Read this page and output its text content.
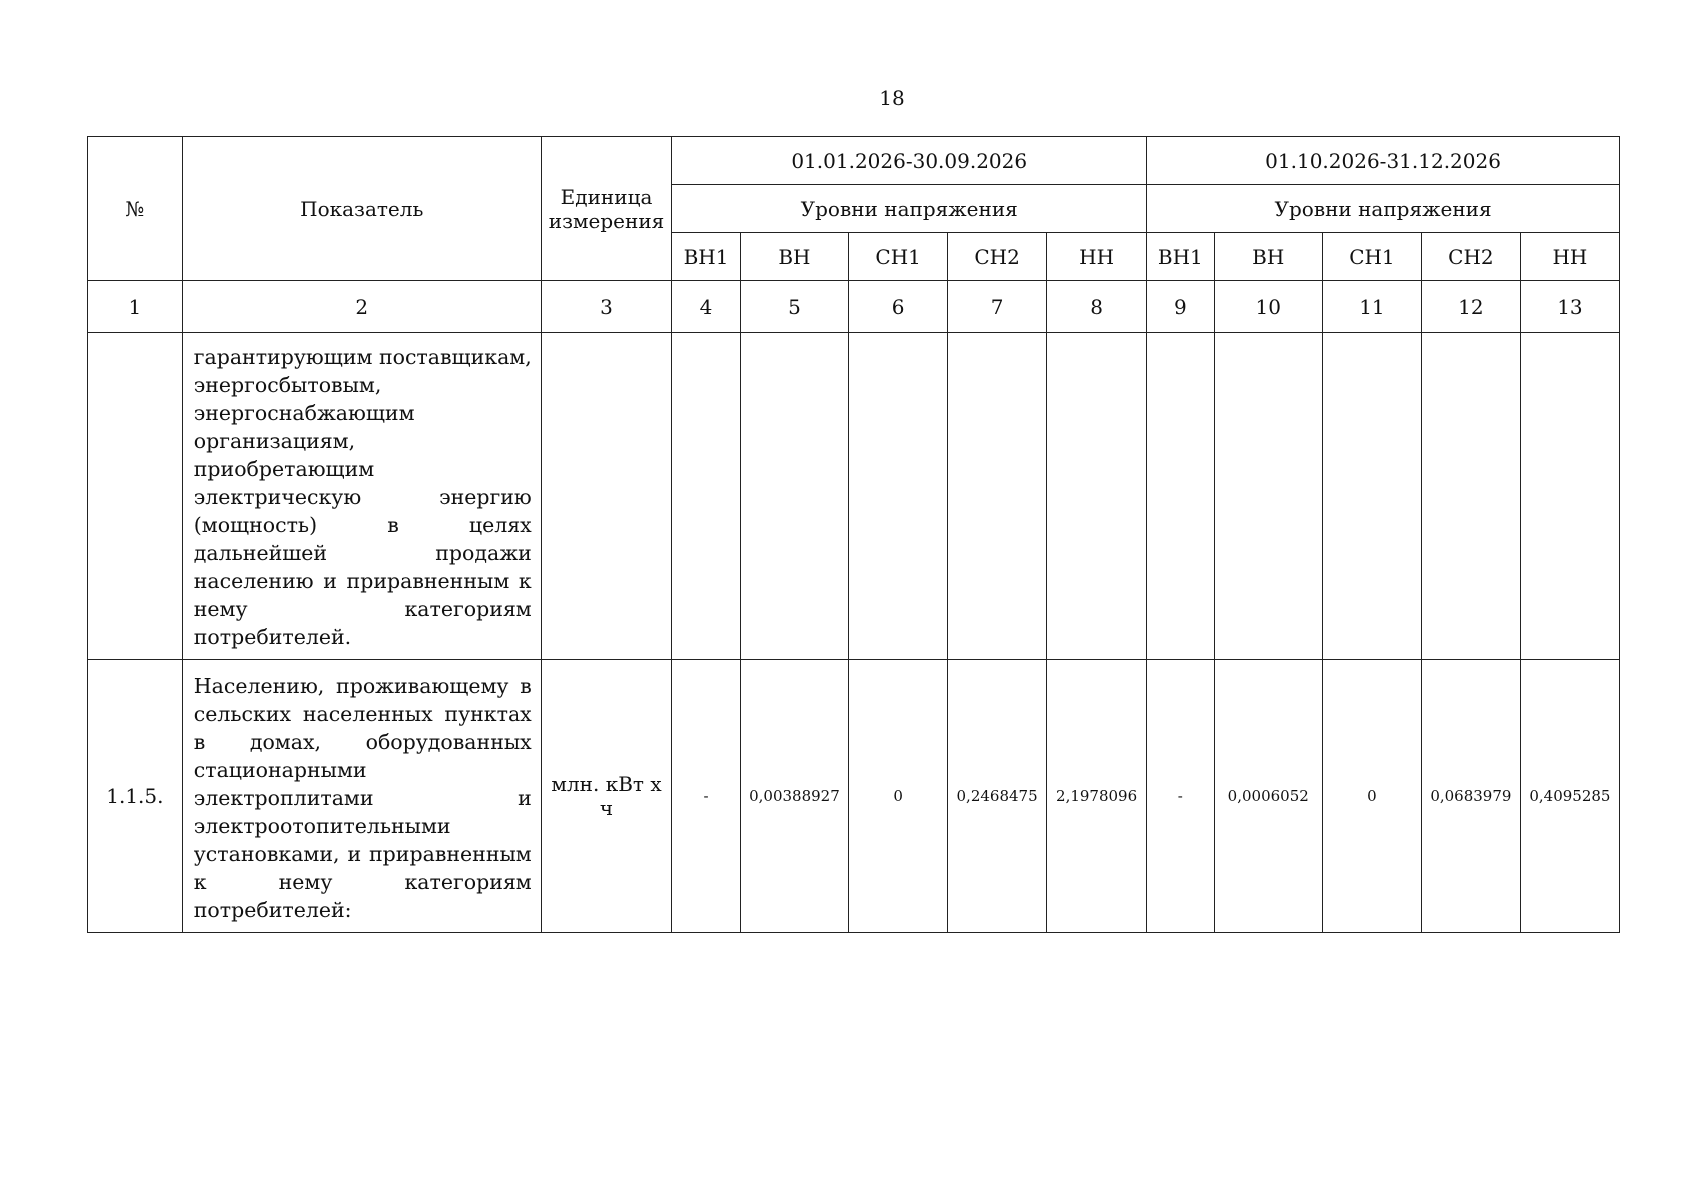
18
№	Показатель	Единица измерения	01.01.2026-30.09.2026					01.10.2026-31.12.2026				
			Уровни напряжения					Уровни напряжения				
			ВН1	ВН	СН1	СН2	НН	ВН1	ВН	СН1	СН2	НН
1	2	3	4	5	6	7	8	9	10	11	12	13
	гарантирующим поставщикам, энергосбытовым, энергоснабжающим организациям, приобретающим электрическую энергию (мощность) в целях дальнейшей продажи населению и приравненным к нему категориям потребителей.											
1.1.5.	Населению, проживающему в сельских населенных пунктах в домах, оборудованных стационарными электроплитами и электроотопительными установками, и приравненным к нему категориям потребителей:	млн. кВт х ч	-	0,00388927	0	0,2468475	2,1978096	-	0,0006052	0	0,0683979	0,4095285
